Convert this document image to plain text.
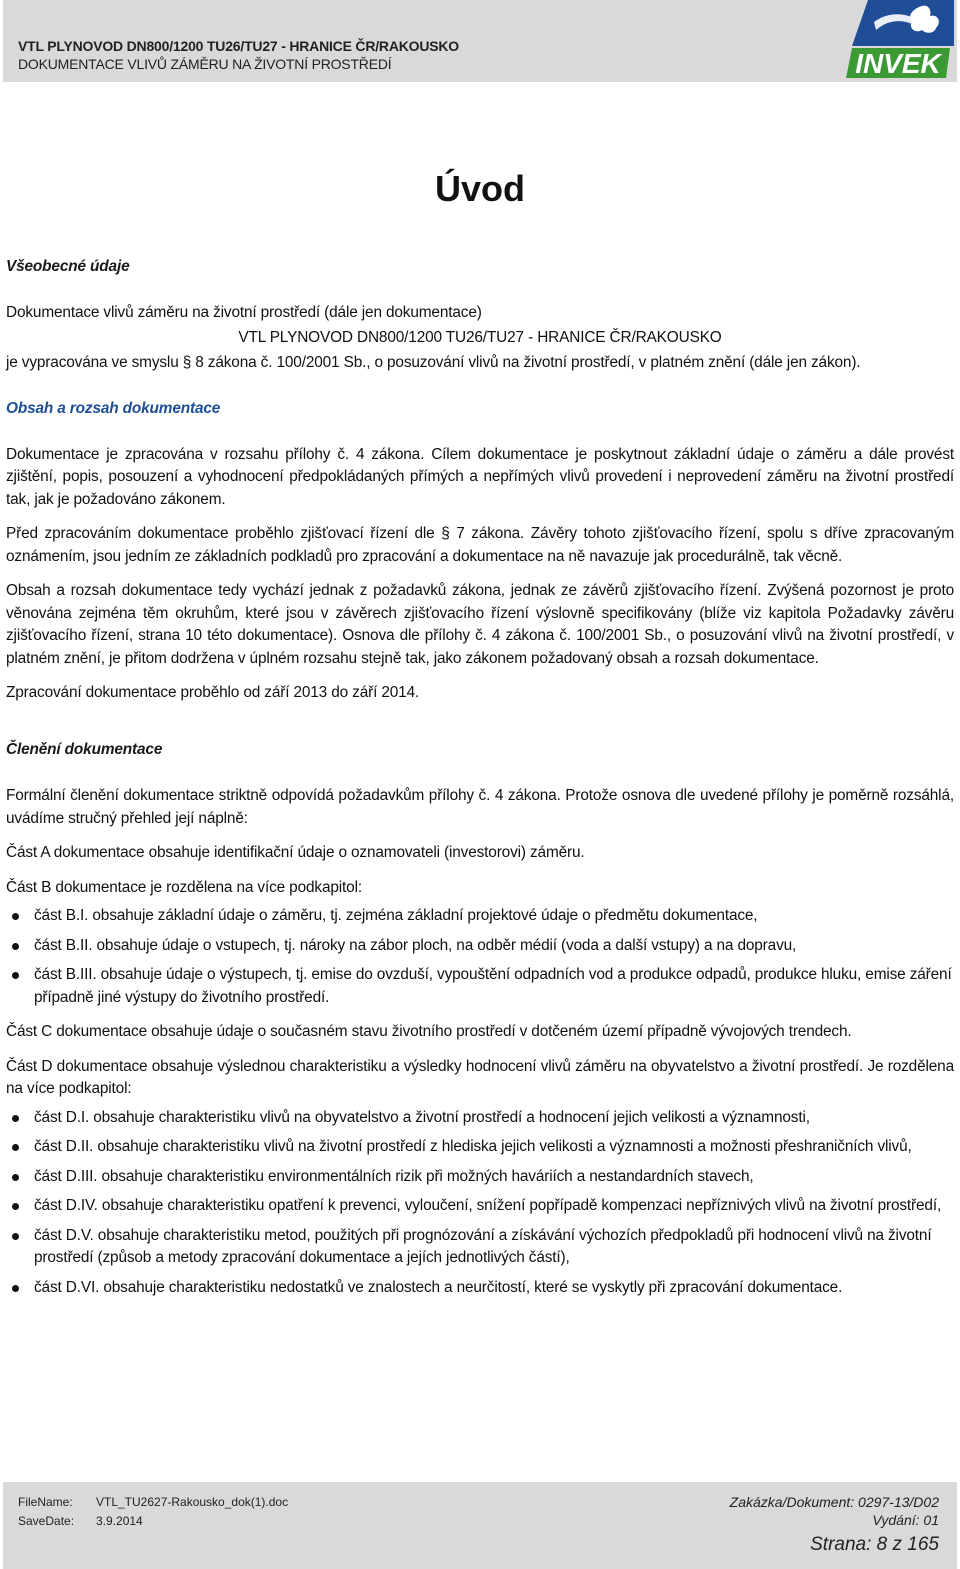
VTL PLYNOVOD DN800/1200 TU26/TU27 - HRANICE ČR/RAKOUSKO
DOKUMENTACE VLIVŮ ZÁMĚRU NA ŽIVOTNÍ PROSTŘEDÍ	INVEK
Úvod
Všeobecné údaje

Dokumentace vlivů záměru na životní prostředí (dále jen dokumentace)

VTL PLYNOVOD DN800/1200 TU26/TU27 - HRANICE ČR/RAKOUSKO

je vypracována ve smyslu § 8 zákona č. 100/2001 Sb., o posuzování vlivů na životní prostředí, v platném znění (dále jen zákon).

Obsah a rozsah dokumentace

Dokumentace je zpracována v rozsahu přílohy č. 4 zákona. Cílem dokumentace je poskytnout základní údaje o záměru a dále provést zjištění, popis, posouzení a vyhodnocení předpokládaných přímých a nepřímých vlivů provedení i neprovedení záměru na životní prostředí tak, jak je požadováno zákonem.

Před zpracováním dokumentace proběhlo zjišťovací řízení dle § 7 zákona. Závěry tohoto zjišťovacího řízení, spolu s dříve zpracovaným oznámením, jsou jedním ze základních podkladů pro zpracování a dokumentace na ně navazuje jak procedurálně, tak věcně.

Obsah a rozsah dokumentace tedy vychází jednak z požadavků zákona, jednak ze závěrů zjišťovacího řízení. Zvýšená pozornost je proto věnována zejména těm okruhům, které jsou v závěrech zjišťovacího řízení výslovně specifikovány (blíže viz kapitola Požadavky závěru zjišťovacího řízení, strana 10 této dokumentace). Osnova dle přílohy č. 4 zákona č. 100/2001 Sb., o posuzování vlivů na životní prostředí, v platném znění, je přitom dodržena v úplném rozsahu stejně tak, jako zákonem požadovaný obsah a rozsah dokumentace.

Zpracování dokumentace proběhlo od září 2013 do září 2014.

Členění dokumentace

Formální členění dokumentace striktně odpovídá požadavkům přílohy č. 4 zákona. Protože osnova dle uvedené přílohy je poměrně rozsáhlá, uvádíme stručný přehled její náplně:

Část A dokumentace obsahuje identifikační údaje o oznamovateli (investorovi) záměru.

Část B dokumentace je rozdělena na více podkapitol:

část B.I. obsahuje základní údaje o záměru, tj. zejména základní projektové údaje o předmětu dokumentace,
část B.II. obsahuje údaje o vstupech, tj. nároky na zábor ploch, na odběr médií (voda a další vstupy) a na dopravu,
část B.III. obsahuje údaje o výstupech, tj. emise do ovzduší, vypouštění odpadních vod a produkce odpadů, produkce hluku, emise záření případně jiné výstupy do životního prostředí.

Část C dokumentace obsahuje údaje o současném stavu životního prostředí v dotčeném území případně vývojových trendech.

Část D dokumentace obsahuje výslednou charakteristiku a výsledky hodnocení vlivů záměru na obyvatelstvo a životní prostředí. Je rozdělena na více podkapitol:

část D.I. obsahuje charakteristiku vlivů na obyvatelstvo a životní prostředí a hodnocení jejich velikosti a významnosti,
část D.II. obsahuje charakteristiku vlivů na životní prostředí z hlediska jejich velikosti a významnosti a možnosti přeshraničních vlivů,
část D.III. obsahuje charakteristiku environmentálních rizik při možných haváriích a nestandardních stavech,
část D.IV. obsahuje charakteristiku opatření k prevenci, vyloučení, snížení popřípadě kompenzaci nepříznivých vlivů na životní prostředí,
část D.V. obsahuje charakteristiku metod, použitých při prognózování a získávání výchozích předpokladů při hodnocení vlivů na životní prostředí (způsob a metody zpracování dokumentace a jejích jednotlivých částí),
část D.VI. obsahuje charakteristiku nedostatků ve znalostech a neurčitostí, které se vyskytly při zpracování dokumentace.
FileName: VTL_TU2627-Rakousko_dok(1).doc
SaveDate: 3.9.2014
Zakázka/Dokument: 0297-13/D02
Vydání: 01
Strana: 8 z 165
